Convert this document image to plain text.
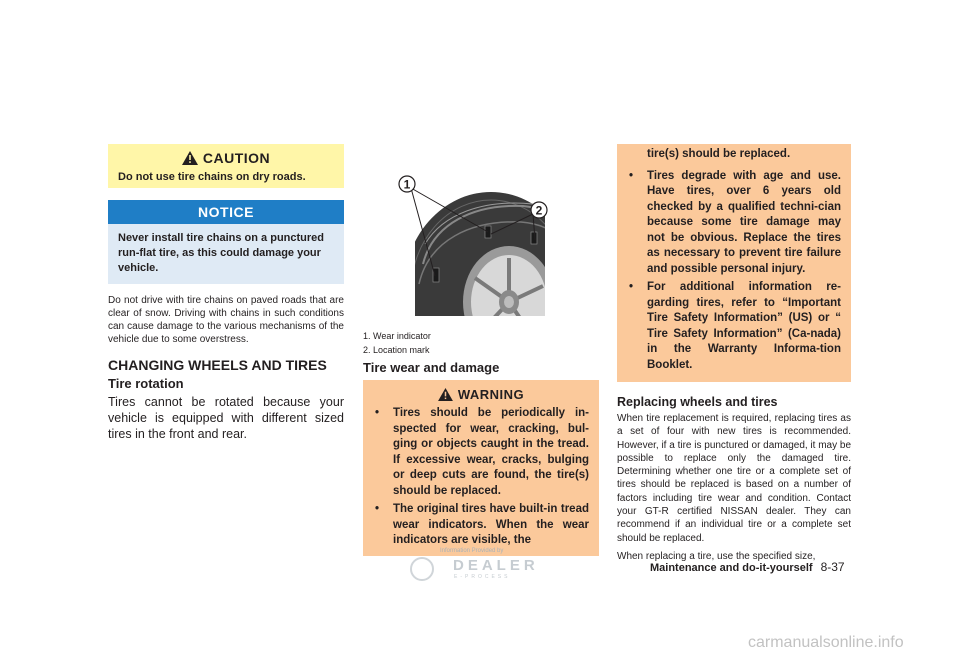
CAUTION
Do not use tire chains on dry roads.
NOTICE
Never install tire chains on a punctured run-flat tire, as this could damage your vehicle.
Do not drive with tire chains on paved roads that are clear of snow. Driving with chains in such conditions can cause damage to the various mechanisms of the vehicle due to some overstress.
CHANGING WHEELS AND TIRES
Tire rotation
Tires cannot be rotated because your vehicle is equipped with different sized tires in the front and rear.
1
2
1. Wear indicator
2. Location mark
Tire wear and damage
WARNING
• Tires should be periodically in-spected for wear, cracking, bul-ging or objects caught in the tread. If excessive wear, cracks, bulging or deep cuts are found, the tire(s) should be replaced.
• The original tires have built-in tread wear indicators. When the wear indicators are visible, the
tire(s) should be replaced.
• Tires degrade with age and use. Have tires, over 6 years old checked by a qualified techni-cian because some tire damage may not be obvious. Replace the tires as necessary to prevent tire failure and possible personal injury.
• For additional information re-garding tires, refer to “Important Tire Safety Information” (US) or “ Tire Safety Information” (Ca-nada) in the Warranty Informa-tion Booklet.
Replacing wheels and tires
When tire replacement is required, replacing tires as a set of four with new tires is recommended. However, if a tire is punctured or damaged, it may be possible to replace only the damaged tire. Determining whether one tire or a complete set of tires should be replaced is based on a number of factors including tire wear and condition. Contact your GT-R certified NISSAN dealer. They can recommend if an individual tire or a complete set should be replaced.
When replacing a tire, use the specified size,
Information Provided by
DEALER
E-PROCESS
Maintenance and do-it-yourself 8-37
carmanualsonline.info
